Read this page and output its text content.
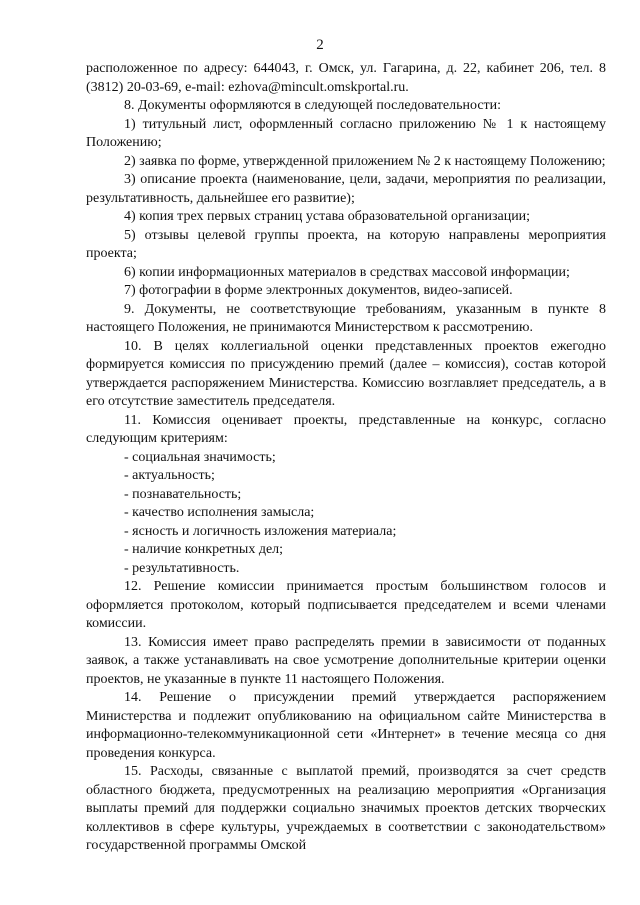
2

расположенное по адресу: 644043, г. Омск, ул. Гагарина, д. 22, кабинет 206, тел. 8 (3812) 20-03-69, e-mail: ezhova@mincult.omskportal.ru.

8. Документы оформляются в следующей последовательности:

1) титульный лист, оформленный согласно приложению № 1 к настоящему Положению;

2) заявка по форме, утвержденной приложением № 2 к настоящему Положению;

3) описание проекта (наименование, цели, задачи, мероприятия по реализации, результативность, дальнейшее его развитие);

4) копия трех первых страниц устава образовательной организации;

5) отзывы целевой группы проекта, на которую направлены мероприятия проекта;

6) копии информационных материалов в средствах массовой информации;

7) фотографии в форме электронных документов, видео-записей.

9. Документы, не соответствующие требованиям, указанным в пункте 8 настоящего Положения, не принимаются Министерством к рассмотрению.

10. В целях коллегиальной оценки представленных проектов ежегодно формируется комиссия по присуждению премий (далее – комиссия), состав которой утверждается распоряжением Министерства. Комиссию возглавляет председатель, а в его отсутствие заместитель председателя.

11. Комиссия оценивает проекты, представленные на конкурс, согласно следующим критериям:

- социальная значимость;

- актуальность;

- познавательность;

- качество исполнения замысла;

- ясность и логичность изложения материала;

- наличие конкретных дел;

- результативность.

12. Решение комиссии принимается простым большинством голосов и оформляется протоколом, который подписывается председателем и всеми членами комиссии.

13. Комиссия имеет право распределять премии в зависимости от поданных заявок, а также устанавливать на свое усмотрение дополнительные критерии оценки проектов, не указанные в пункте 11 настоящего Положения.

14. Решение о присуждении премий утверждается распоряжением Министерства и подлежит опубликованию на официальном сайте Министерства в информационно-телекоммуникационной сети «Интернет» в течение месяца со дня проведения конкурса.

15. Расходы, связанные с выплатой премий, производятся за счет средств областного бюджета, предусмотренных на реализацию мероприятия «Организация выплаты премий для поддержки социально значимых проектов детских творческих коллективов в сфере культуры, учреждаемых в соответствии с законодательством» государственной программы Омской
